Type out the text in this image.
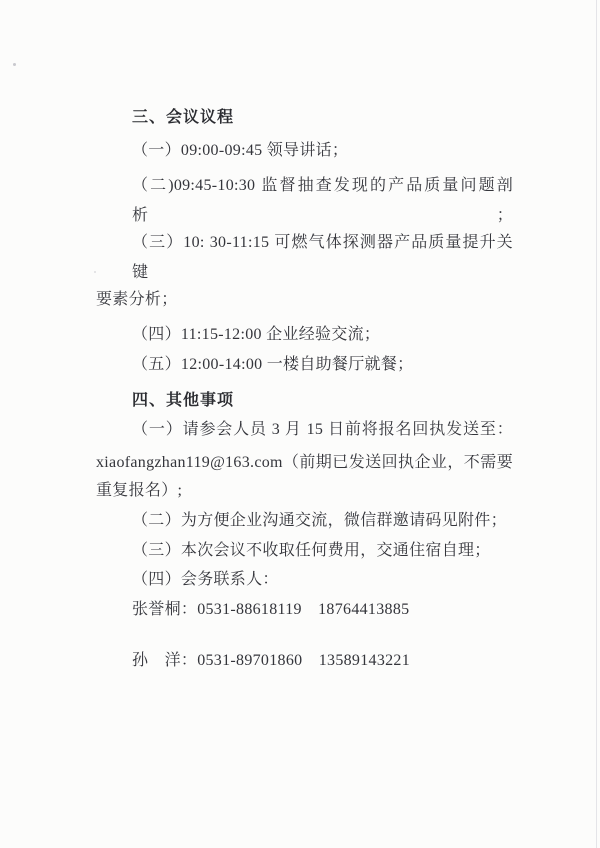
三、会议议程
（一）09:00-09:45 领导讲话；
（二)09:45-10:30 监督抽查发现的产品质量问题剖析；
（三）10: 30-11:15 可燃气体探测器产品质量提升关键
要素分析；
（四）11:15-12:00 企业经验交流；
（五）12:00-14:00 一楼自助餐厅就餐；
四、其他事项
（一）请参会人员 3 月 15 日前将报名回执发送至：
xiaofangzhan119@163.com（前期已发送回执企业，不需要
重复报名）;
（二）为方便企业沟通交流，微信群邀请码见附件；
（三）本次会议不收取任何费用，交通住宿自理；
（四）会务联系人：
张誉桐：0531-88618119　18764413885
孙　洋：0531-89701860　13589143221
